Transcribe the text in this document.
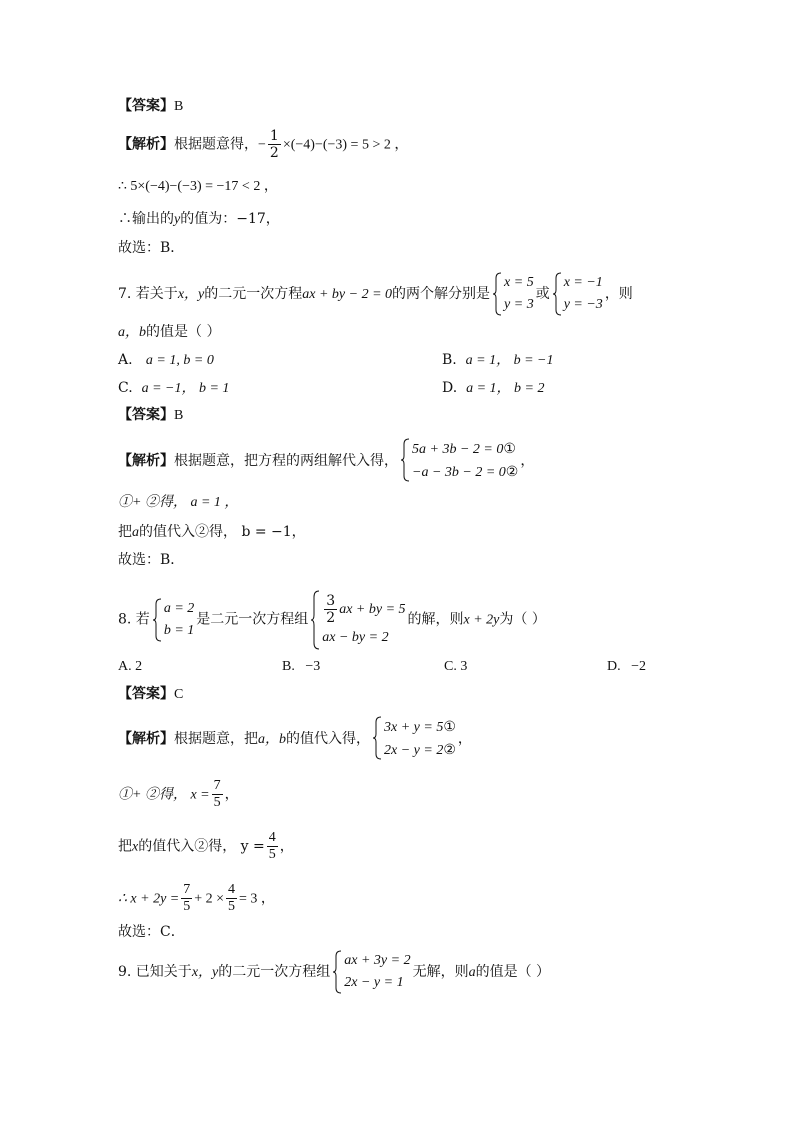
【答案】B
【解析】根据题意得，− $\frac{1}{2} \times(-4)-(-3) = 5 > 2$ ，
∴ 5×(−4)−(−3) = −17 < 2 ，
∴输出的y的值为：−17，
故选：B．
7. 若关于x，y的二元一次方程ax + by − 2 = 0的两个解分别是
x = 5
y = 3
或
x = −1
y = −3
，则
a，b的值是（ ）
A. a = 1, b = 0	B. a = 1， b = −1
C. a = −1， b = 1	D. a = 1， b = 2
【答案】B
【解析】根据题意，把方程的两组解代入得，
5a + 3b − 2 = 0①
−a − 3b − 2 = 0②
，
①+ ②得， a = 1 ，
把a的值代入②得， b = −1，
故选：B．
8. 若
a = 2
b = 1
是二元一次方程组 $\frac{3}{2}$ ax + by = 5
ax − by = 2
的解，则x + 2y为（ ）
A. 2	B. −3	C. 3	D. −2
【答案】C
【解析】根据题意，把a，b的值代入得，
3x + y = 5①
2x − y = 2②
，
①+ ②得， $x = \frac{7}{5}$ ，
把x的值代入②得， $y = \frac{4}{5}$ ，
∴ $x + 2y = \frac{7}{5} + 2 \times \frac{4}{5} = 3$ ，
故选：C．
9. 已知关于x，y的二元一次方程组
ax + 3y = 2
2x − y = 1
无解，则a的值是（ ）
